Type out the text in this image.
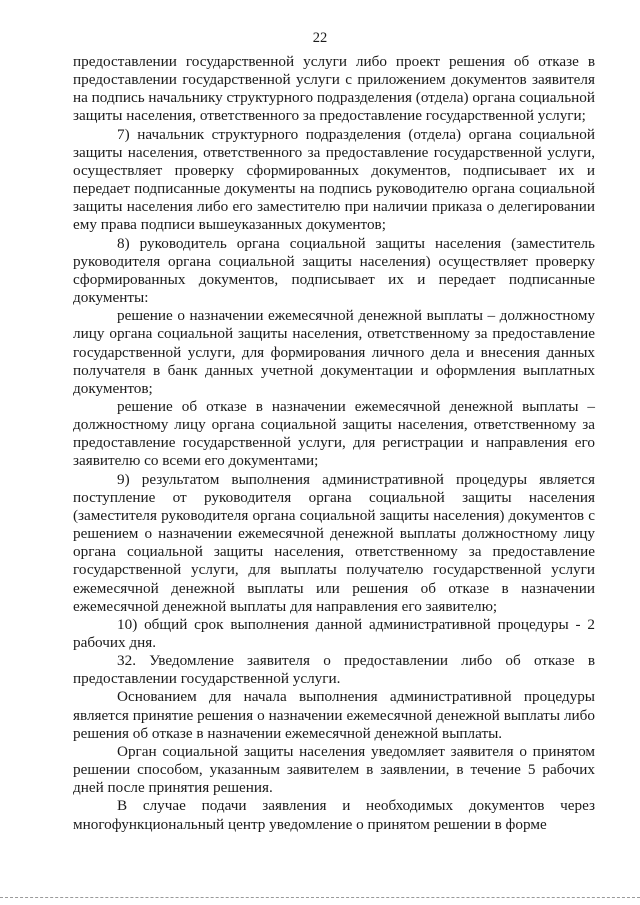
22

предоставлении государственной услуги либо проект решения об отказе в предоставлении государственной услуги с приложением документов заявителя на подпись начальнику структурного подразделения (отдела) органа социальной защиты населения, ответственного за предоставление государственной услуги;

7) начальник структурного подразделения (отдела) органа социальной защиты населения, ответственного за предоставление государственной услуги, осуществляет проверку сформированных документов, подписывает их и передает подписанные документы на подпись руководителю органа социальной защиты населения либо его заместителю при наличии приказа о делегировании ему права подписи вышеуказанных документов;

8) руководитель органа социальной защиты населения (заместитель руководителя органа социальной защиты населения) осуществляет проверку сформированных документов, подписывает их и передает подписанные документы:

решение о назначении ежемесячной денежной выплаты – должностному лицу органа социальной защиты населения, ответственному за предоставление государственной услуги, для формирования личного дела и внесения данных получателя в банк данных учетной документации и оформления выплатных документов;

решение об отказе в назначении ежемесячной денежной выплаты – должностному лицу органа социальной защиты населения, ответственному за предоставление государственной услуги, для регистрации и направления его заявителю со всеми его документами;

9) результатом выполнения административной процедуры является поступление от руководителя органа социальной защиты населения (заместителя руководителя органа социальной защиты населения) документов с решением о назначении ежемесячной денежной выплаты должностному лицу органа социальной защиты населения, ответственному за предоставление государственной услуги, для выплаты получателю государственной услуги ежемесячной денежной выплаты или решения об отказе в назначении ежемесячной денежной выплаты для направления его заявителю;

10) общий срок выполнения данной административной процедуры - 2 рабочих дня.

32. Уведомление заявителя о предоставлении либо об отказе в предоставлении государственной услуги.

Основанием для начала выполнения административной процедуры является принятие решения о назначении ежемесячной денежной выплаты либо решения об отказе в назначении ежемесячной денежной выплаты.

Орган социальной защиты населения уведомляет заявителя о принятом решении способом, указанным заявителем в заявлении, в течение 5 рабочих дней после принятия решения.

В случае подачи заявления и необходимых документов через многофункциональный центр уведомление о принятом решении в форме
